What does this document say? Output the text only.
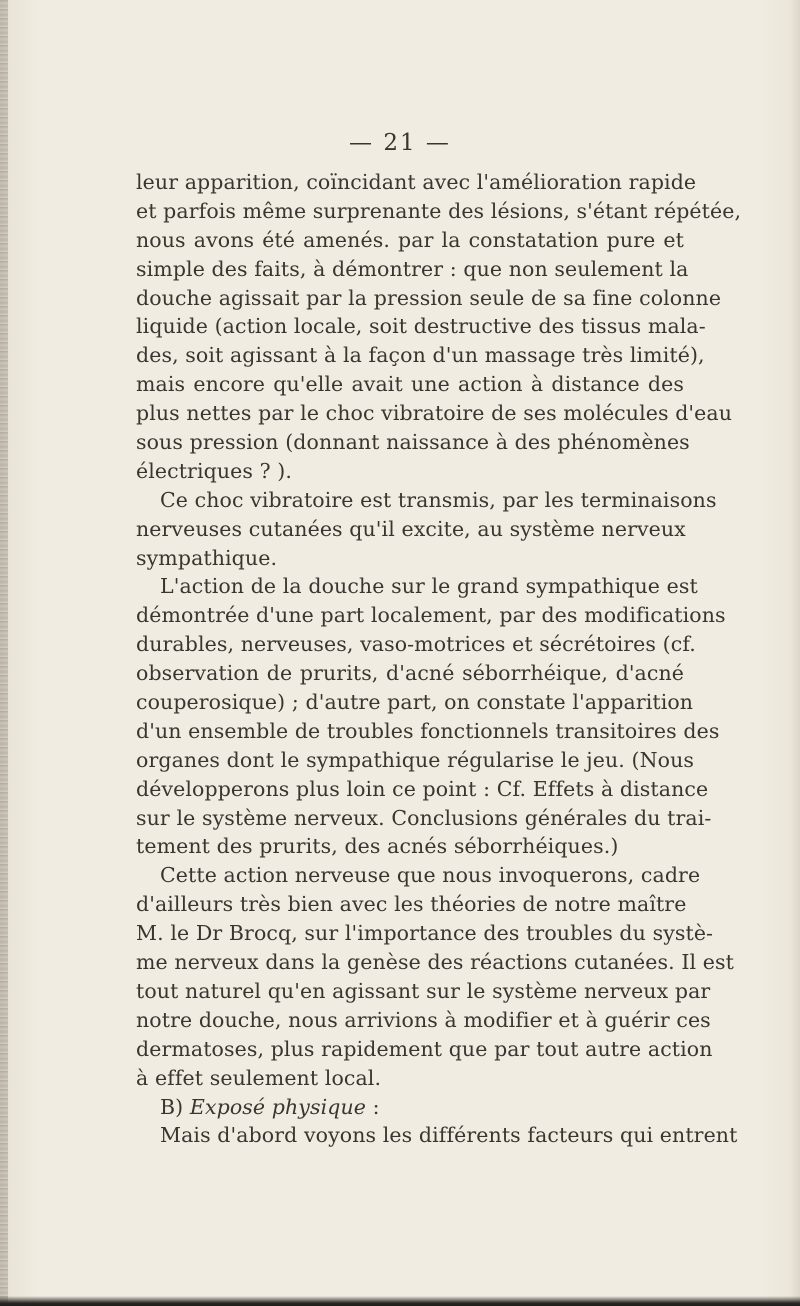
— 21 —
leur apparition, coïncidant avec l'amélioration rapide
et parfois même surprenante des lésions, s'étant répétée,
nous avons été amenés. par la constatation pure et
simple des faits, à démontrer : que non seulement la
douche agissait par la pression seule de sa fine colonne
liquide (action locale, soit destructive des tissus mala-
des, soit agissant à la façon d'un massage très limité),
mais encore qu'elle avait une action à distance des
plus nettes par le choc vibratoire de ses molécules d'eau
sous pression (donnant naissance à des phénomènes
électriques ? ).
Ce choc vibratoire est transmis, par les terminaisons
nerveuses cutanées qu'il excite, au système nerveux
sympathique.
L'action de la douche sur le grand sympathique est
démontrée d'une part localement, par des modifications
durables, nerveuses, vaso-motrices et sécrétoires (cf.
observation de prurits, d'acné séborrhéique, d'acné
couperosique) ; d'autre part, on constate l'apparition
d'un ensemble de troubles fonctionnels transitoires des
organes dont le sympathique régularise le jeu. (Nous
développerons plus loin ce point : Cf. Effets à distance
sur le système nerveux. Conclusions générales du trai-
tement des prurits, des acnés séborrhéiques.)
Cette action nerveuse que nous invoquerons, cadre
d'ailleurs très bien avec les théories de notre maître
M. le Dr Brocq, sur l'importance des troubles du systè-
me nerveux dans la genèse des réactions cutanées. Il est
tout naturel qu'en agissant sur le système nerveux par
notre douche, nous arrivions à modifier et à guérir ces
dermatoses, plus rapidement que par tout autre action
à effet seulement local.
B) Exposé physique :
Mais d'abord voyons les différents facteurs qui entrent
